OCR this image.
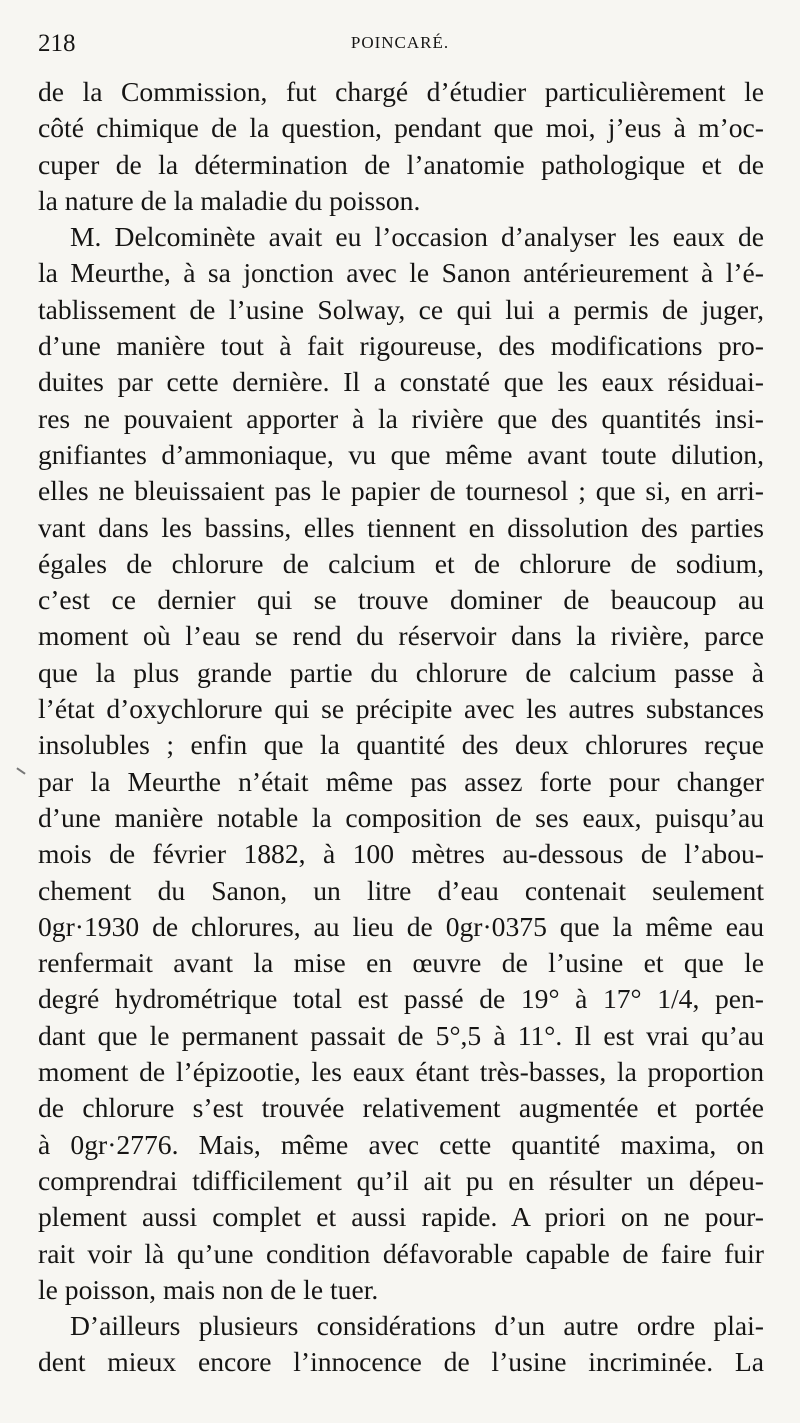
218	POINCARÉ.
de la Commission, fut chargé d’étudier particulièrement le
côté chimique de la question, pendant que moi, j’eus à m’oc-
cuper de la détermination de l’anatomie pathologique et de
la nature de la maladie du poisson.
M. Delcominète avait eu l’occasion d’analyser les eaux de
la Meurthe, à sa jonction avec le Sanon antérieurement à l’é-
tablissement de l’usine Solway, ce qui lui a permis de juger,
d’une manière tout à fait rigoureuse, des modifications pro-
duites par cette dernière. Il a constaté que les eaux résiduai-
res ne pouvaient apporter à la rivière que des quantités insi-
gnifiantes d’ammoniaque, vu que même avant toute dilution,
elles ne bleuissaient pas le papier de tournesol ; que si, en arri-
vant dans les bassins, elles tiennent en dissolution des parties
égales de chlorure de calcium et de chlorure de sodium,
c’est ce dernier qui se trouve dominer de beaucoup au
moment où l’eau se rend du réservoir dans la rivière, parce
que la plus grande partie du chlorure de calcium passe à
l’état d’oxychlorure qui se précipite avec les autres substances
insolubles ; enfin que la quantité des deux chlorures reçue
par la Meurthe n’était même pas assez forte pour changer
d’une manière notable la composition de ses eaux, puisqu’au
mois de février 1882, à 100 mètres au-dessous de l’abou-
chement du Sanon, un litre d’eau contenait seulement
0gr·1930 de chlorures, au lieu de 0gr·0375 que la même eau
renfermait avant la mise en œuvre de l’usine et que le
degré hydrométrique total est passé de 19° à 17° 1/4, pen-
dant que le permanent passait de 5°,5 à 11°. Il est vrai qu’au
moment de l’épizootie, les eaux étant très-basses, la proportion
de chlorure s’est trouvée relativement augmentée et portée
à 0gr·2776. Mais, même avec cette quantité maxima, on
comprendrai tdifficilement qu’il ait pu en résulter un dépeu-
plement aussi complet et aussi rapide. A priori on ne pour-
rait voir là qu’une condition défavorable capable de faire fuir
le poisson, mais non de le tuer.
D’ailleurs plusieurs considérations d’un autre ordre plai-
dent mieux encore l’innocence de l’usine incriminée. La
